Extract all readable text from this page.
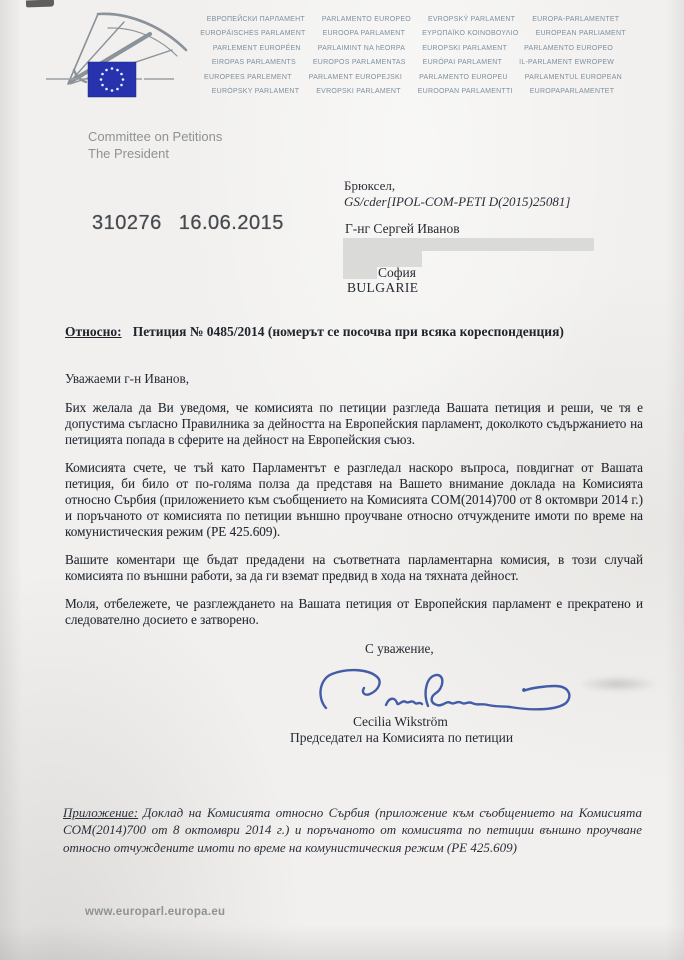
ЕВРОПЕЙСКИ ПАРЛАМЕНТ PARLAMENTO EUROPEO EVROPSKÝ PARLAMENT EUROPA-PARLAMENTET
EUROPÄISCHES PARLAMENT EUROOPA PARLAMENT ΕΥΡΩΠΑΪΚΟ ΚΟΙΝΟΒΟΥΛΙΟ EUROPEAN PARLIAMENT
PARLEMENT EUROPÉEN PARLAIMINT NA hEORPA EUROPSKI PARLAMENT PARLAMENTO EUROPEO
EIROPAS PARLAMENTS EUROPOS PARLAMENTAS EURÓPAI PARLAMENT IL-PARLAMENT EWROPEW
EUROPEES PARLEMENT PARLAMENT EUROPEJSKI PARLAMENTO EUROPEU PARLAMENTUL EUROPEAN
EURÓPSKY PARLAMENT EVROPSKI PARLAMENT EUROOPAN PARLAMENTTI EUROPAPARLAMENTET
Committee on Petitions
The President
Брюксел,
GS/cder[IPOL-COM-PETI D(2015)25081]
310276 16.06.2015	Г-нг Сергей Иванов
София
BULGARIE
Относно: Петиция № 0485/2014 (номерът се посочва при всяка кореспонденция)
Уважаеми г-н Иванов,
Бих желала да Ви уведомя, че комисията по петиции разгледа Вашата петиция и реши, че тя е допустима съгласно Правилника за дейността на Европейския парламент, доколкото съдържанието на петицията попада в сферите на дейност на Европейския съюз.
Комисията счете, че тъй като Парламентът е разгледал наскоро въпроса, повдигнат от Вашата петиция, би било от по-голяма полза да представя на Вашето внимание доклада на Комисията относно Сърбия (приложението към съобщението на Комисията COM(2014)700 от 8 октомври 2014 г.) и поръчаното от комисията по петиции външно проучване относно отчуждените имоти по време на комунистическия режим (PE 425.609).
Вашите коментари ще бъдат предадени на съответната парламентарна комисия, в този случай комисията по външни работи, за да ги вземат предвид в хода на тяхната дейност.
Моля, отбележете, че разглеждането на Вашата петиция от Европейския парламент е прекратено и следователно досието е затворено.
С уважение,
Cecilia Wikström
Председател на Комисията по петиции
Приложение: Доклад на Комисията относно Сърбия (приложение към съобщението на Комисията COM(2014)700 от 8 октомври 2014 г.) и поръчаното от комисията по петиции външно проучване относно отчуждените имоти по време на комунистическия режим (PE 425.609)
www.europarl.europa.eu
